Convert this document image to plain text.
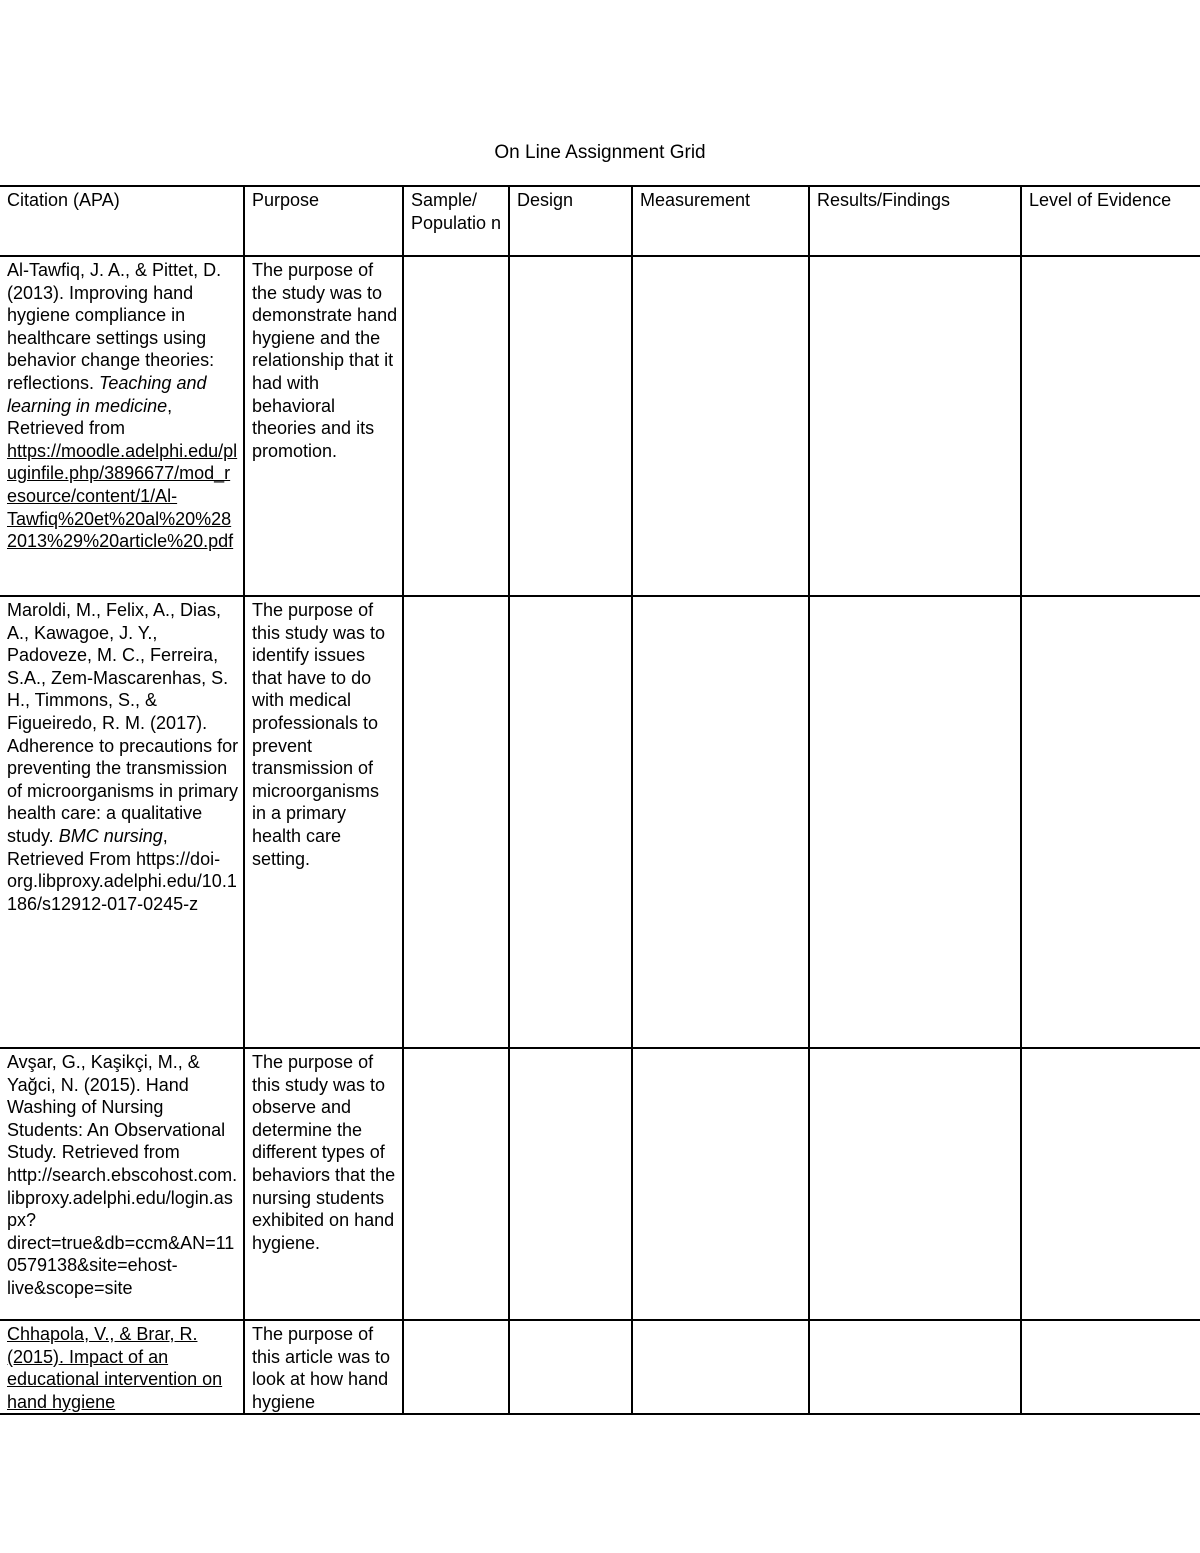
On Line Assignment Grid
Citation (APA)	Purpose	Sample/ Populatio n	Design	Measurement	Results/Findings	Level of Evidence
Al-Tawfiq, J. A., & Pittet, D. (2013). Improving hand hygiene compliance in healthcare settings using behavior change theories: reflections. Teaching and learning in medicine, Retrieved from https://moodle.adelphi.edu/pluginfile.php/3896677/mod_resource/content/1/Al-Tawfiq%20et%20al%20%282013%29%20article%20.pdf	The purpose of the study was to demonstrate hand hygiene and the relationship that it had with behavioral theories and its promotion.					
Maroldi, M., Felix, A., Dias, A., Kawagoe, J. Y., Padoveze, M. C., Ferreira, S.A., Zem-Mascarenhas, S. H., Timmons, S., & Figueiredo, R. M. (2017). Adherence to precautions for preventing the transmission of microorganisms in primary health care: a qualitative study. BMC nursing, Retrieved From https://doi-org.libproxy.adelphi.edu/10.1186/s12912-017-0245-z	The purpose of this study was to identify issues that have to do with medical professionals to prevent transmission of microorganisms in a primary health care setting.					
Avşar, G., Kaşikçi, M., & Yağci, N. (2015). Hand Washing of Nursing Students: An Observational Study. Retrieved from http://search.ebscohost.com.libproxy.adelphi.edu/login.aspx?direct=true&db=ccm&AN=110579138&site=ehost-live&scope=site	The purpose of this study was to observe and determine the different types of behaviors that the nursing students exhibited on hand hygiene.					
Chhapola, V., & Brar, R. (2015). Impact of an educational intervention on hand hygiene	The purpose of this article was to look at how hand hygiene					
